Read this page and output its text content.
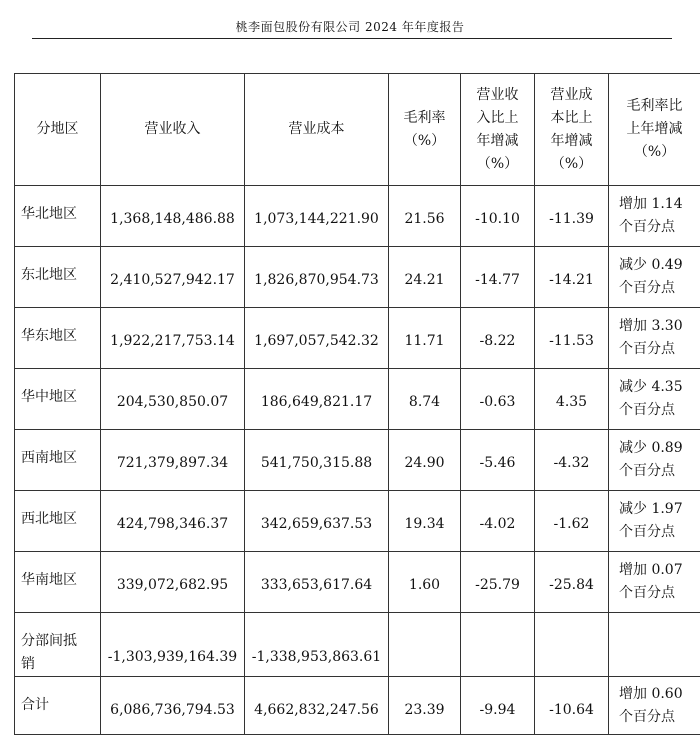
桃李面包股份有限公司 2024 年年度报告
分地区	营业收入	营业成本	毛利率
（%）	营业收
入比上
年增减
（%）	营业成
本比上
年增减
（%）	毛利率比
上年增减
（%）
华北地区	1,368,148,486.88	1,073,144,221.90	21.56	-10.10	-11.39	增加 1.14
个百分点
东北地区	2,410,527,942.17	1,826,870,954.73	24.21	-14.77	-14.21	减少 0.49
个百分点
华东地区	1,922,217,753.14	1,697,057,542.32	11.71	-8.22	-11.53	增加 3.30
个百分点
华中地区	204,530,850.07	186,649,821.17	8.74	-0.63	4.35	减少 4.35
个百分点
西南地区	721,379,897.34	541,750,315.88	24.90	-5.46	-4.32	减少 0.89
个百分点
西北地区	424,798,346.37	342,659,637.53	19.34	-4.02	-1.62	减少 1.97
个百分点
华南地区	339,072,682.95	333,653,617.64	1.60	-25.79	-25.84	增加 0.07
个百分点
分部间抵
销	-1,303,939,164.39	-1,338,953,863.61				
合计	6,086,736,794.53	4,662,832,247.56	23.39	-9.94	-10.64	增加 0.60
个百分点
